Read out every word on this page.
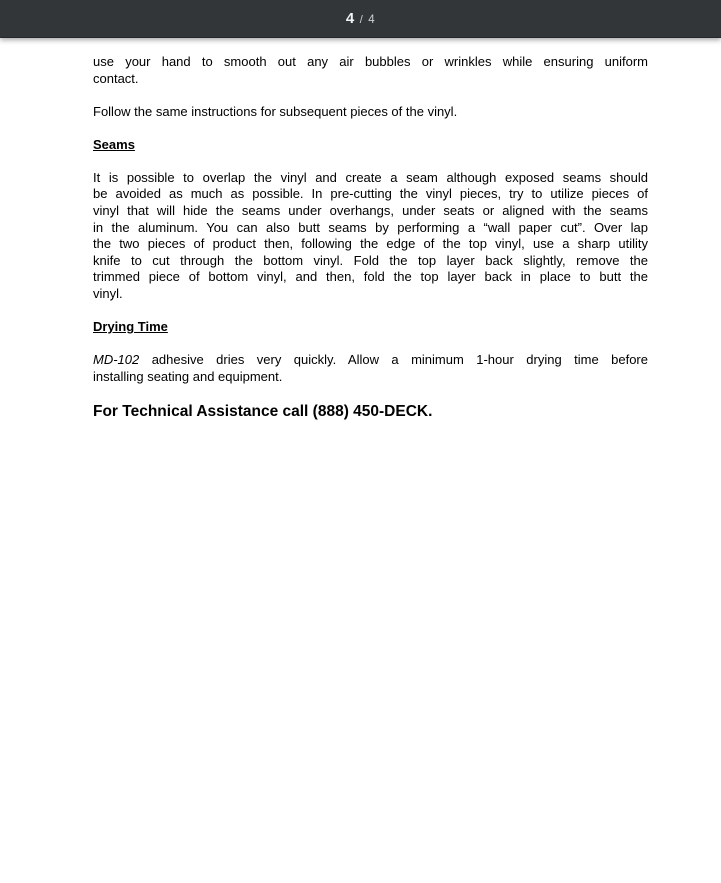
4 / 4
use your hand to smooth out any air bubbles or wrinkles while ensuring uniform
contact.
Follow the same instructions for subsequent pieces of the vinyl.
Seams
It is possible to overlap the vinyl and create a seam although exposed seams should
be avoided as much as possible. In pre-cutting the vinyl pieces, try to utilize pieces of
vinyl that will hide the seams under overhangs, under seats or aligned with the seams
in the aluminum. You can also butt seams by performing a “wall paper cut”. Over lap
the two pieces of product then, following the edge of the top vinyl, use a sharp utility
knife to cut through the bottom vinyl. Fold the top layer back slightly, remove the
trimmed piece of bottom vinyl, and then, fold the top layer back in place to butt the
vinyl.
Drying Time
MD-102 adhesive dries very quickly. Allow a minimum 1-hour drying time before
installing seating and equipment.
For Technical Assistance call (888) 450-DECK.
